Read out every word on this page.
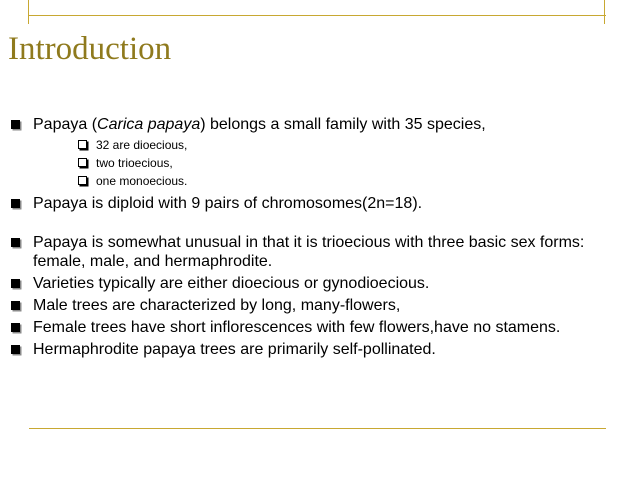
Introduction

Papaya (Carica papaya) belongs a small family with 35 species,

32 are dioecious,

two trioecious,

one monoecious.

Papaya is diploid with 9 pairs of chromosomes(2n=18).

Papaya is somewhat unusual in that it is trioecious with three basic sex forms: female, male, and hermaphrodite.

Varieties typically are either dioecious or gynodioecious.

Male trees are characterized by long, many-flowers,

Female trees have short inflorescences with few flowers,have no stamens.

Hermaphrodite papaya trees are primarily self-pollinated.
